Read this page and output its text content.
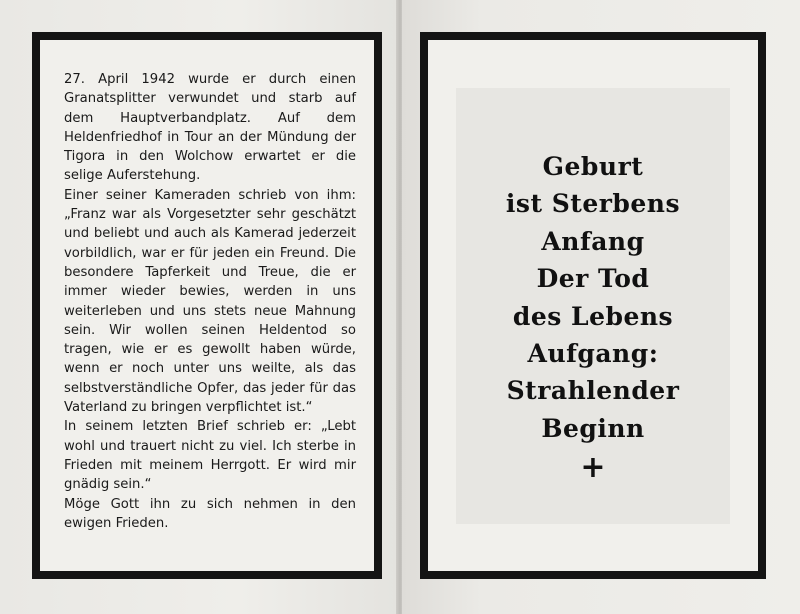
27. April 1942 wurde er durch einen Granatsplitter verwundet und starb auf dem Hauptverbandplatz. Auf dem Heldenfriedhof in Tour an der Mündung der Tigora in den Wolchow erwartet er die selige Auferstehung.

Einer seiner Kameraden schrieb von ihm: „Franz war als Vorgesetzter sehr geschätzt und beliebt und auch als Kamerad jederzeit vorbildlich, war er für jeden ein Freund. Die besondere Tapferkeit und Treue, die er immer wieder bewies, werden in uns weiterleben und uns stets neue Mahnung sein. Wir wollen seinen Heldentod so tragen, wie er es gewollt haben würde, wenn er noch unter uns weilte, als das selbstverständliche Opfer, das jeder für das Vaterland zu bringen verpflichtet ist.“

In seinem letzten Brief schrieb er: „Lebt wohl und trauert nicht zu viel. Ich sterbe in Frieden mit meinem Herrgott. Er wird mir gnädig sein.“

Möge Gott ihn zu sich nehmen in den ewigen Frieden.

Geburt
ist Sterbens
Anfang
Der Tod
des Lebens
Aufgang:
Strahlender
Beginn
+
